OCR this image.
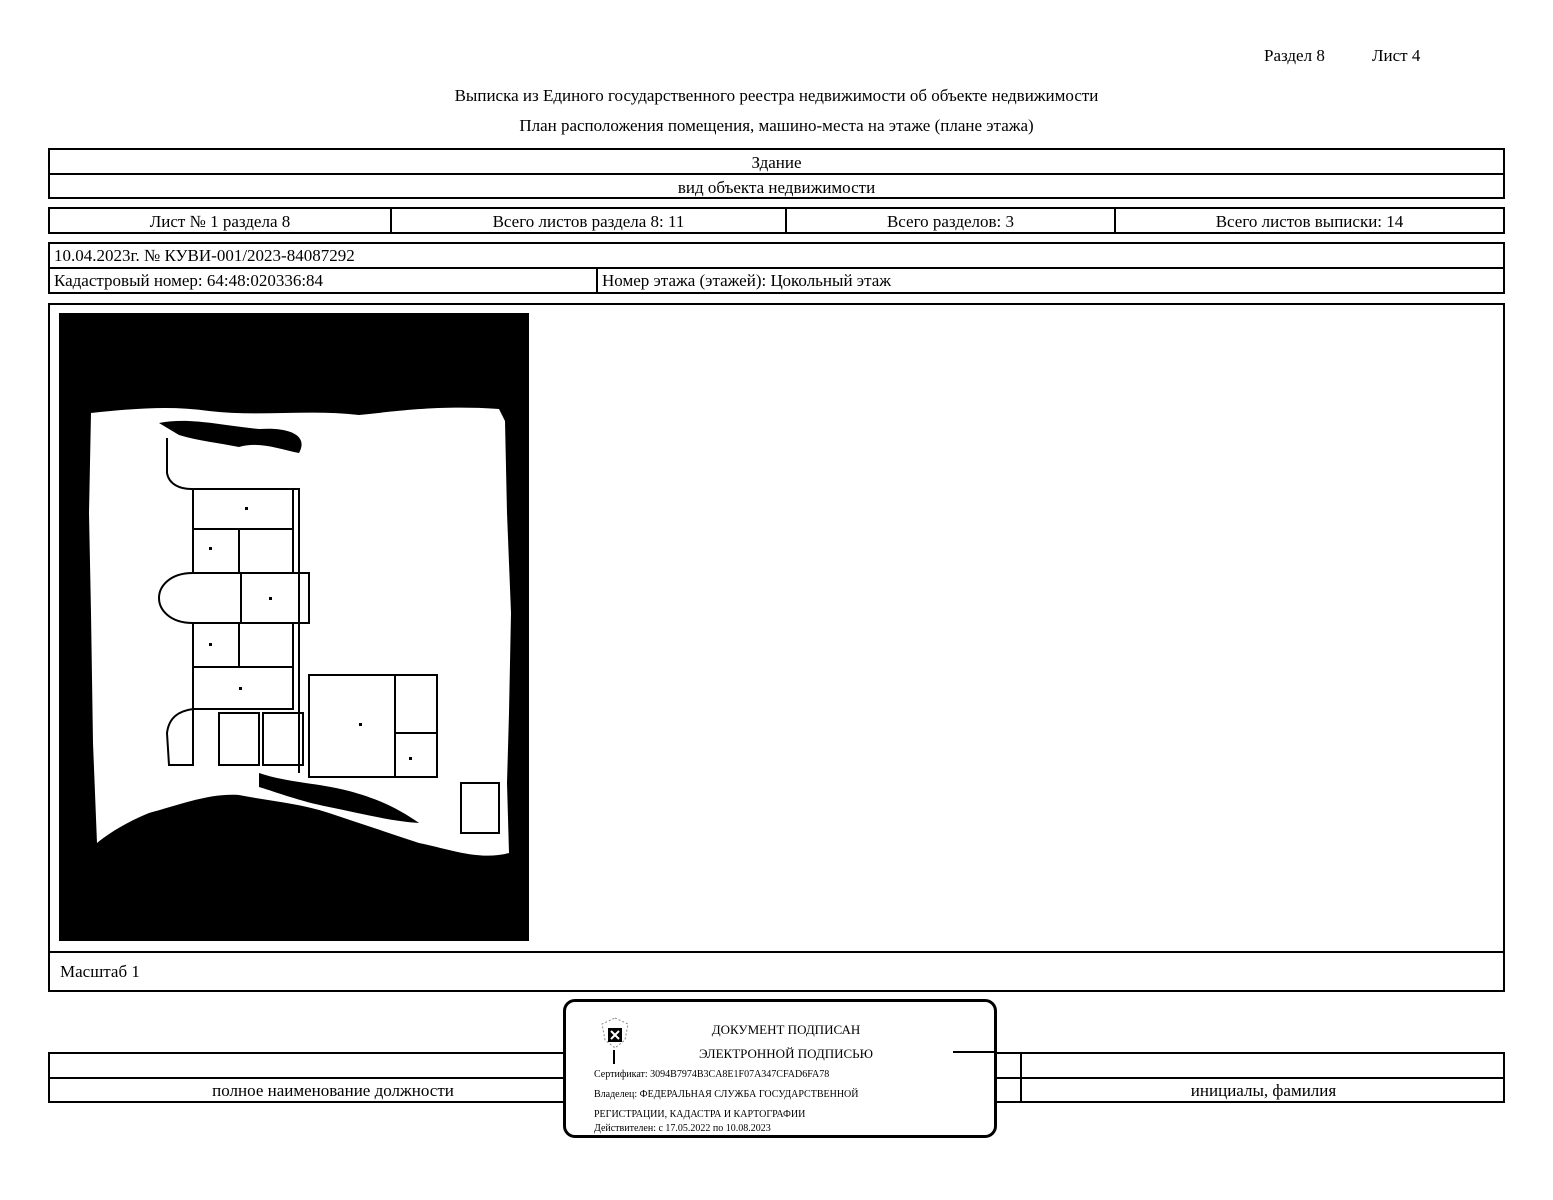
Раздел 8	Лист 4
Выписка из Единого государственного реестра недвижимости об объекте недвижимости
План расположения помещения, машино-места на этаже (плане этажа)
Здание
вид объекта недвижимости
Лист № 1 раздела 8	Всего листов раздела 8: 11	Всего разделов: 3	Всего листов выписки: 14
10.04.2023г. № КУВИ-001/2023-84087292
Кадастровый номер: 64:48:020336:84	Номер этажа (этажей): Цокольный этаж
Масштаб 1
полное наименование должности	инициалы, фамилия
ДОКУМЕНТ ПОДПИСАН
ЭЛЕКТРОННОЙ ПОДПИСЬЮ
Сертификат: 3094B7974B3CA8E1F07A347CFAD6FA78
Владелец: ФЕДЕРАЛЬНАЯ СЛУЖБА ГОСУДАРСТВЕННОЙ
РЕГИСТРАЦИИ, КАДАСТРА И КАРТОГРАФИИ
Действителен: с 17.05.2022 по 10.08.2023
